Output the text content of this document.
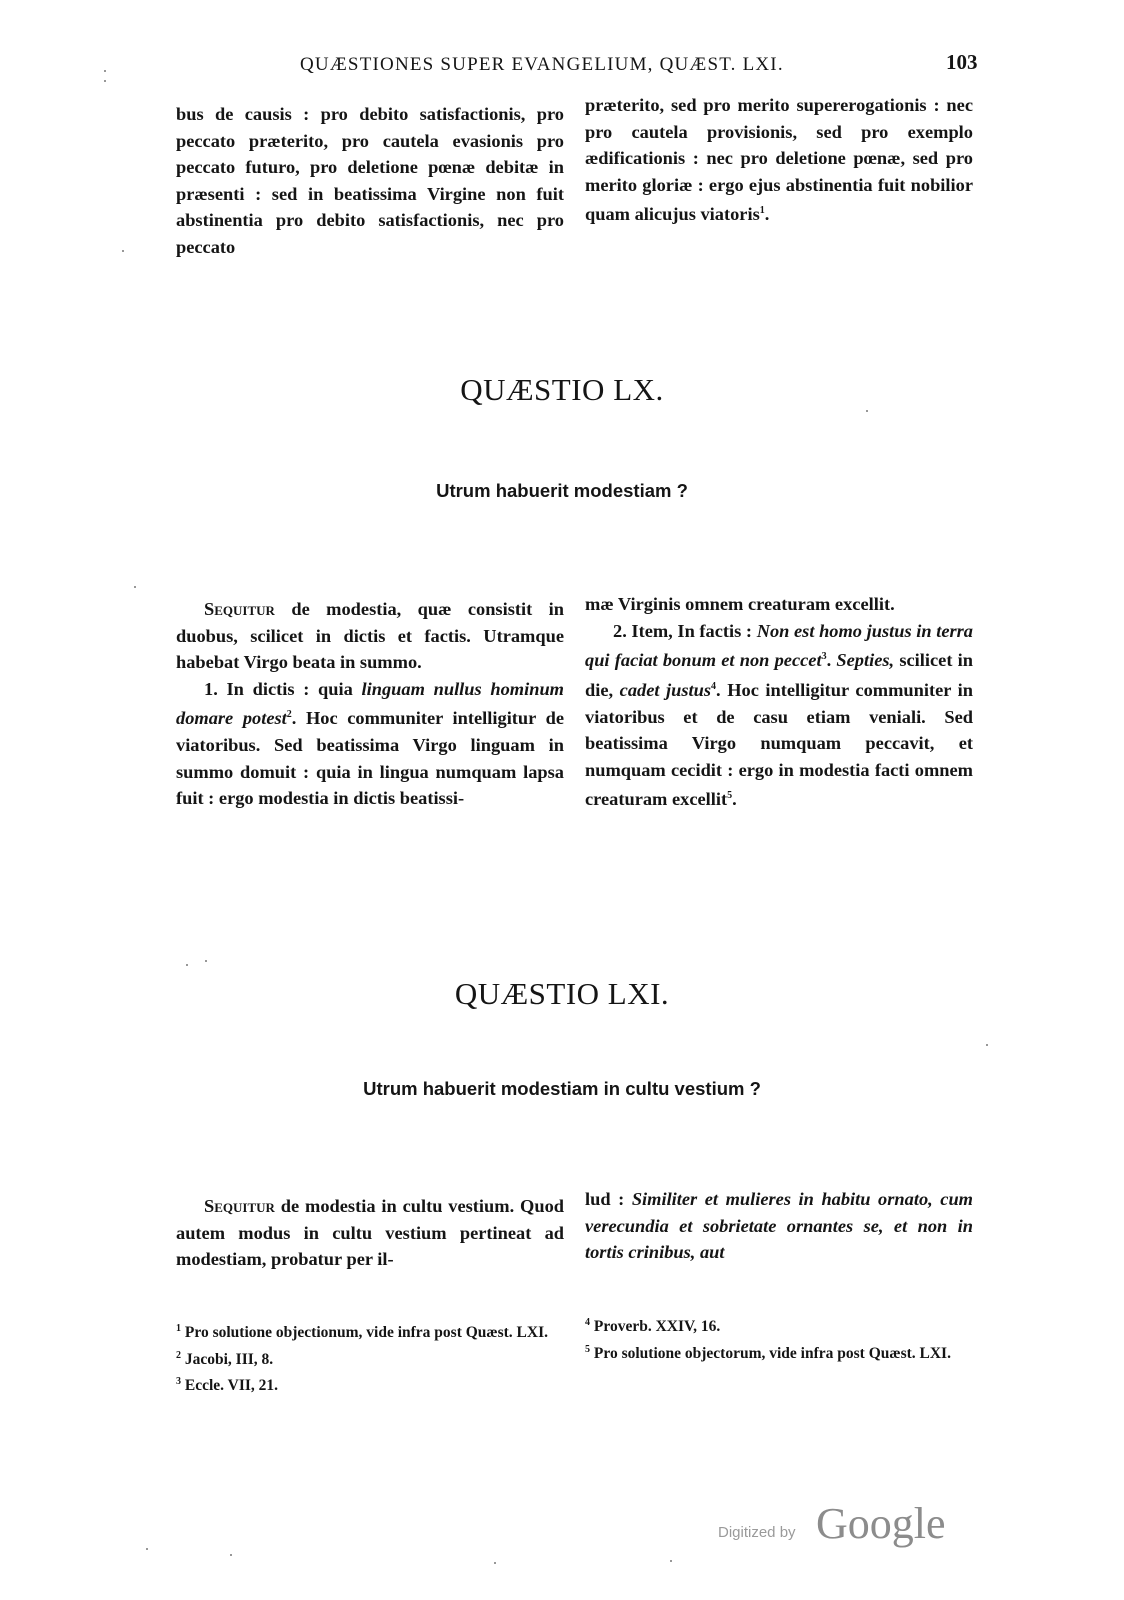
QUÆSTIONES SUPER EVANGELIUM, QUÆST. LXI.	103

bus de causis : pro debito satisfactionis, pro peccato præterito, pro cautela evasionis pro peccato futuro, pro deletione pœnæ debitæ in præsenti : sed in beatissima Virgine non fuit abstinentia pro debito satisfactionis, nec pro peccato

præterito, sed pro merito supererogationis : nec pro cautela provisionis, sed pro exemplo ædificationis : nec pro deletione pœnæ, sed pro merito gloriæ : ergo ejus abstinentia fuit nobilior quam alicujus viatoris$^1$.

QUÆSTIO LX.
Utrum habuerit modestiam ?

Sequitur de modestia, quæ consistit in duobus, scilicet in dictis et factis. Utramque habebat Virgo beata in summo.

1. In dictis : quia linguam nullus hominum domare potest$^2$. Hoc communiter intelligitur de viatoribus. Sed beatissima Virgo linguam in summo domuit : quia in lingua numquam lapsa fuit : ergo modestia in dictis beatissi-

mæ Virginis omnem creaturam excellit.

2. Item, In factis : Non est homo justus in terra qui faciat bonum et non peccet$^3$. Septies, scilicet in die, cadet justus$^4$. Hoc intelligitur communiter in viatoribus et de casu etiam veniali. Sed beatissima Virgo numquam peccavit, et numquam cecidit : ergo in modestia facti omnem creaturam excellit$^5$.

QUÆSTIO LXI.
Utrum habuerit modestiam in cultu vestium ?

Sequitur de modestia in cultu vestium. Quod autem modus in cultu vestium pertineat ad modestiam, probatur per il-

lud : Similiter et mulieres in habitu ornato, cum verecundia et sobrietate ornantes se, et non in tortis crinibus, aut

$^1$ Pro solutione objectionum, vide infra post Quæst. LXI.
$^2$ Jacobi, III, 8.
$^3$ Eccle. VII, 21.
$^4$ Proverb. XXIV, 16.
$^5$ Pro solutione objectorum, vide infra post Quæst. LXI.
Digitized by Google
